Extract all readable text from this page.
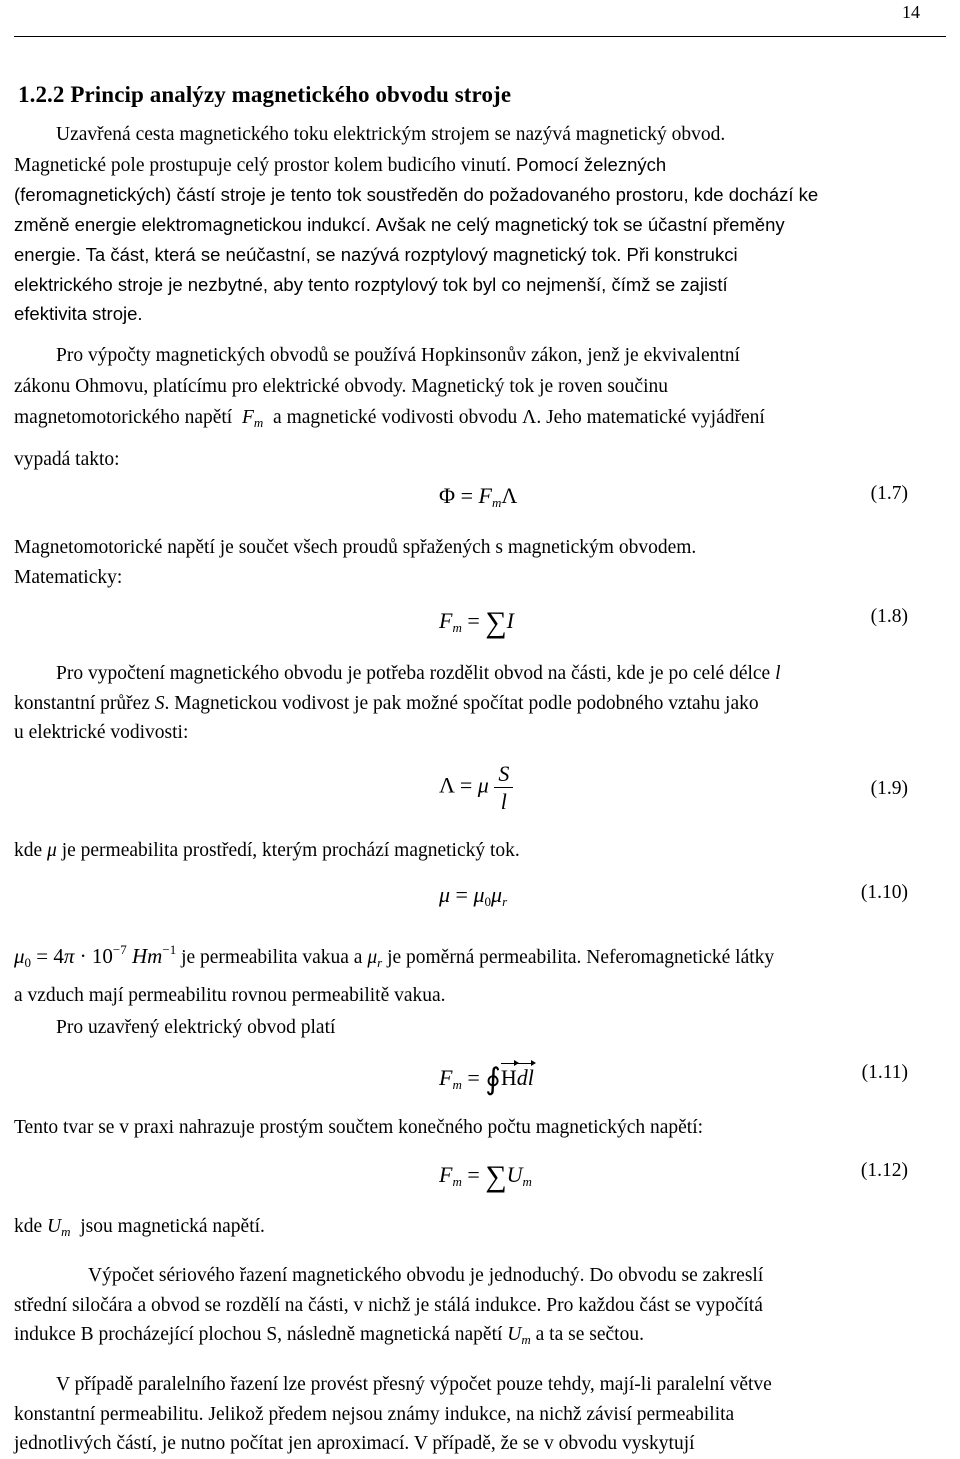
14
1.2.2 Princip analýzy magnetického obvodu stroje
Uzavřená cesta magnetického toku elektrickým strojem se nazývá magnetický obvod.
Magnetické pole prostupuje celý prostor kolem budicího vinutí. Pomocí železných
(feromagnetických) částí stroje je tento tok soustředěn do požadovaného prostoru, kde dochází ke
změně energie elektromagnetickou indukcí. Avšak ne celý magnetický tok se účastní přeměny
energie. Ta část, která se neúčastní, se nazývá rozptylový magnetický tok. Při konstrukci
elektrického stroje je nezbytné, aby tento rozptylový tok byl co nejmenší, čímž se zajistí
efektivita stroje.
Pro výpočty magnetických obvodů se používá Hopkinsonův zákon, jenž je ekvivalentní
zákonu Ohmovu, platícímu pro elektrické obvody. Magnetický tok je roven součinu
magnetomotorického napětí $F_m$ a magnetické vodivosti obvodu Λ. Jeho matematické vyjádření
vypadá takto:
$\Phi = F_m\Lambda$	(1.7)
Magnetomotorické napětí je součet všech proudů spřažených s magnetickým obvodem.
Matematicky:
$F_m = \sum I$	(1.8)
Pro vypočtení magnetického obvodu je potřeba rozdělit obvod na části, kde je po celé délce l
konstantní průřez S. Magnetickou vodivost je pak možné spočítat podle podobného vztahu jako
u elektrické vodivosti:
Λ = μ $\frac{S}{l}$	(1.9)
kde μ je permeabilita prostředí, kterým prochází magnetický tok.
$\mu = \mu_0\mu_r$	(1.10)
$\mu_0 = 4\pi \cdot 10^{-7}$ $Hm^{-1}$ je permeabilita vakua a $\mu_r$ je poměrná permeabilita. Neferomagnetické látky
a vzduch mají permeabilitu rovnou permeabilitě vakua.
Pro uzavřený elektrický obvod platí
$F_m$ = ∮Hdl	(1.11)
Tento tvar se v praxi nahrazuje prostým součtem konečného počtu magnetických napětí:
$F_m = \sum U_m$
(1.12)
kde $U_m$ jsou magnetická napětí.
Výpočet sériového řazení magnetického obvodu je jednoduchý. Do obvodu se zakreslí
střední siločára a obvod se rozdělí na části, v nichž je stálá indukce. Pro každou část se vypočítá
indukce B procházející plochou S, následně magnetická napětí $U_m$ a ta se sečtou.
V případě paralelního řazení lze provést přesný výpočet pouze tehdy, mají-li paralelní větve
konstantní permeabilitu. Jelikož předem nejsou známy indukce, na nichž závisí permeabilita
jednotlivých částí, je nutno počítat jen aproximací. V případě, že se v obvodu vyskytují
